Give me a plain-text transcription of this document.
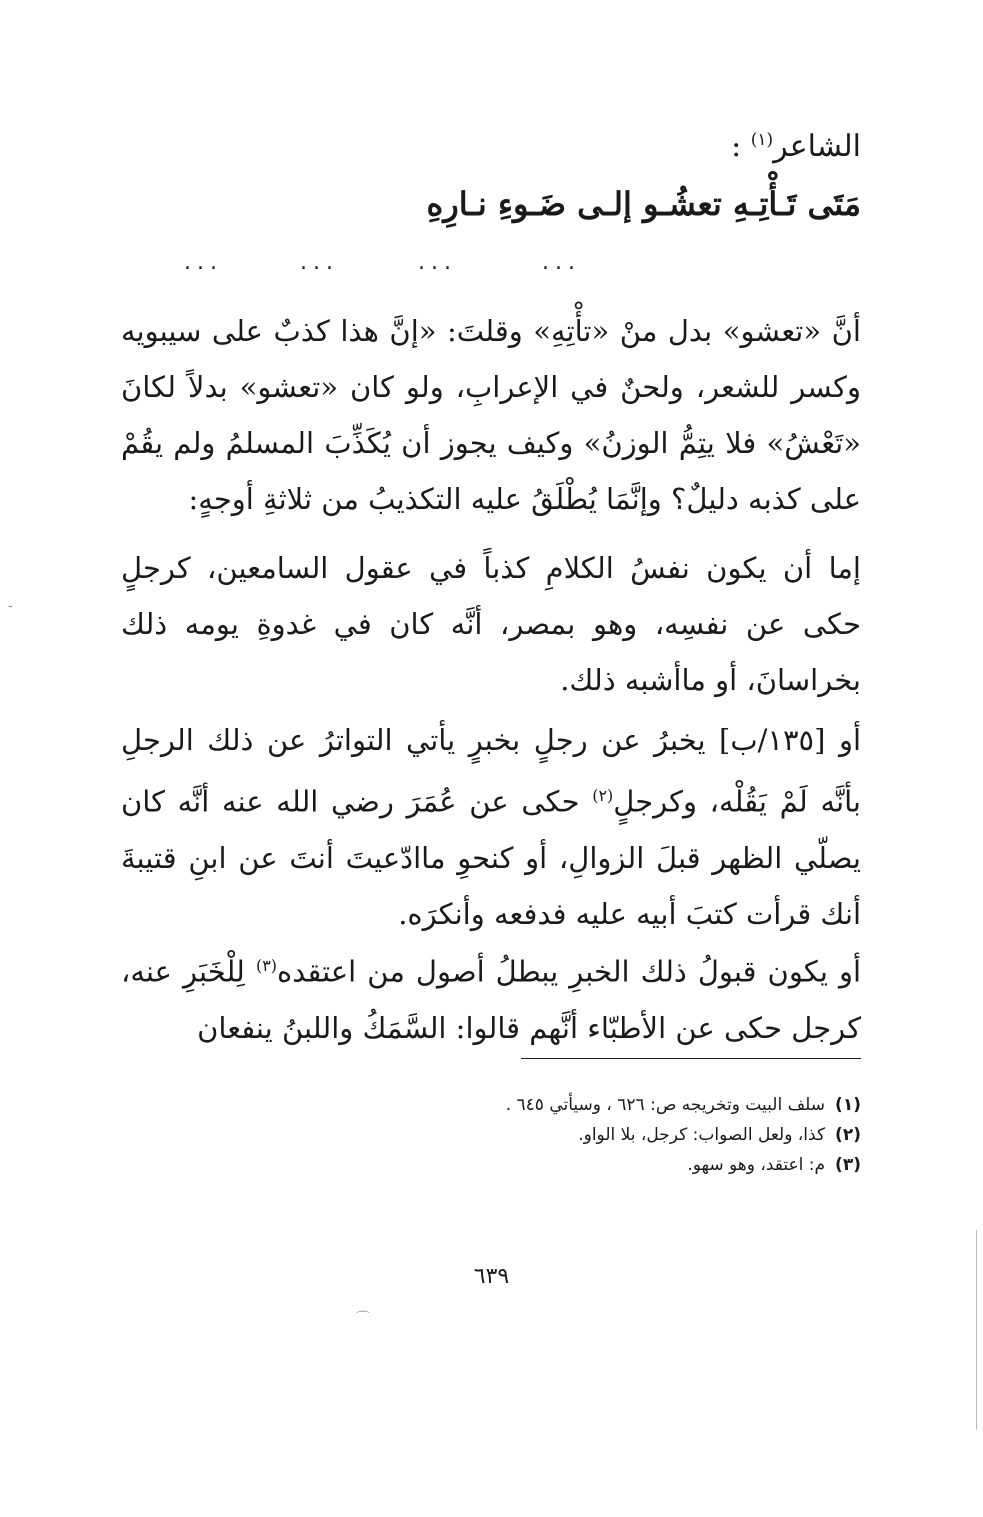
الشاعر$^{(١)}$ :
مَتَى تَـأْتِـهِ تعشُـو إلـى ضَـوءِ نـارِهِ
...
...
...
...

أنَّ «تعشو» بدل منْ «تأْتِهِ» وقلتَ: «إنَّ هذا كذبٌ على سيبويه وكسر للشعر، ولحنٌ في الإعرابِ، ولو كان «تعشو» بدلاً لكانَ «تَعْشُ» فلا يتِمُّ الوزنُ» وكيف يجوز أن يُكَذِّبَ المسلمُ ولم يقُمْ على كذبه دليلٌ؟ وإنَّمَا يُطْلَقُ عليه التكذيبُ من ثلاثةِ أوجهٍ:

إما أن يكون نفسُ الكلامِ كذباً في عقول السامعين، كرجلٍ حكى عن نفسِه، وهو بمصر، أنَّه كان في غدوةِ يومه ذلك بخراسانَ، أو ماأشبه ذلك.

أو [١٣٥/ب] يخبرُ عن رجلٍ بخبرٍ يأتي التواترُ عن ذلك الرجلِ بأنَّه لَمْ يَقُلْه، وكرجلٍ$^{(٢)}$ حكى عن عُمَرَ رضي الله عنه أنَّه كان يصلّي الظهر قبلَ الزوالِ، أو كنحوِ ماادّعيتَ أنتَ عن ابنِ قتيبةَ أنك قرأت كتبَ أبيه عليه فدفعه وأنكرَه.

أو يكون قبولُ ذلك الخبرِ يبطلُ أصول من اعتقده$^{(٣)}$ لِلْخَبَرِ عنه، كرجل حكى عن الأطبّاء أنَّهم قالوا: السَّمَكُ واللبنُ ينفعان

(١)سلف البيت وتخريجه ص: ٦٢٦ ، وسيأتي ٦٤٥ .
(٢)كذا، ولعل الصواب: كرجل، بلا الواو.
(٣)م: اعتقد، وهو سهو.
٦٣٩
-
⌒
